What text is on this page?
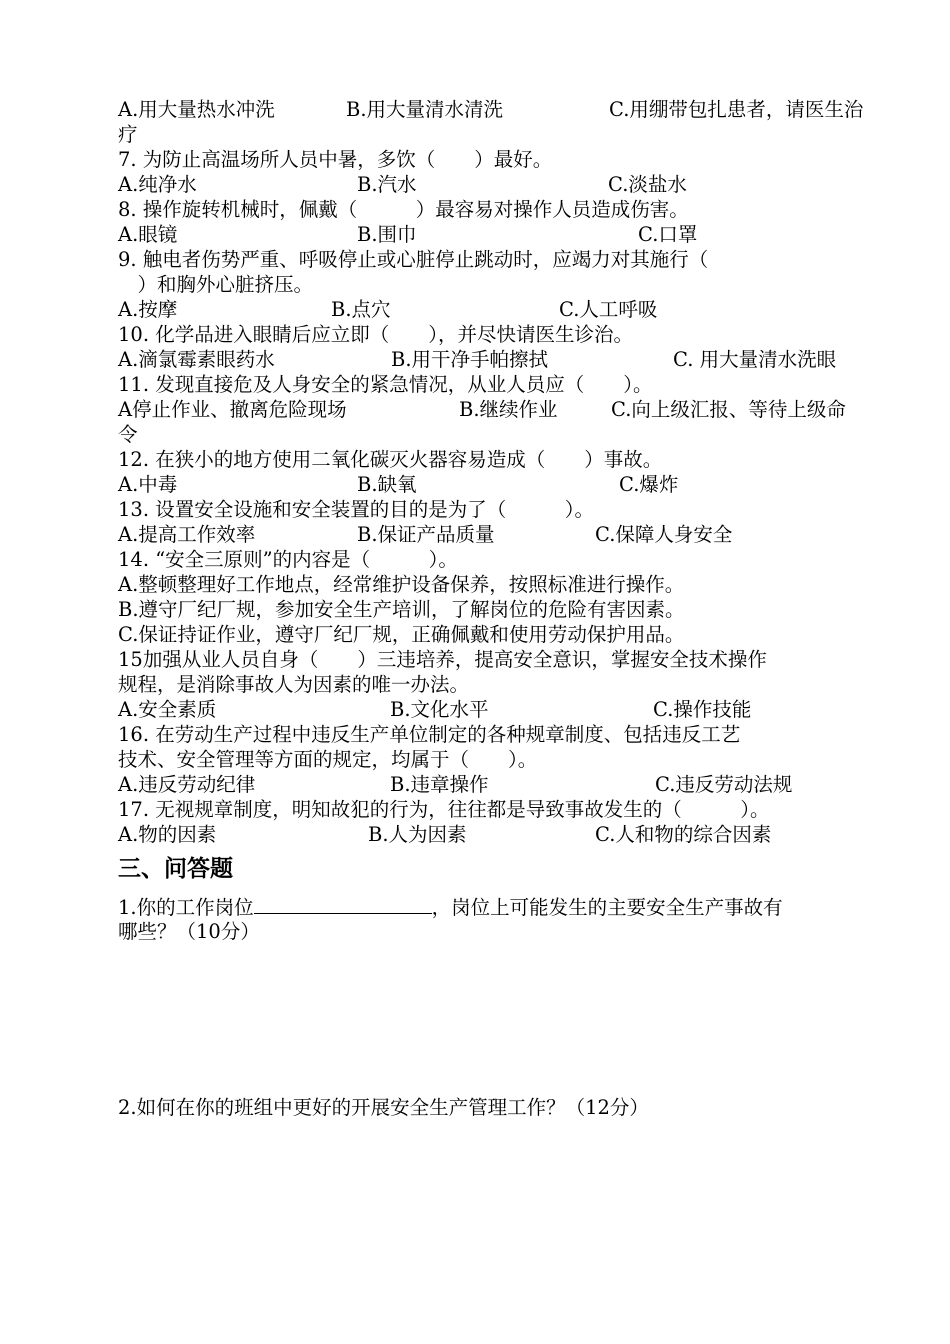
A.用大量热水冲洗	B.用大量清水清洗	C.用绷带包扎患者，请医生治
疗
7. 为防止高温场所人员中暑，多饮（　　）最好。
A.纯净水	B.汽水	C.淡盐水
8. 操作旋转机械时，佩戴（　　　）最容易对操作人员造成伤害。
A.眼镜	B.围巾	C.口罩
9. 触电者伤势严重、呼吸停止或心脏停止跳动时，应竭力对其施行（
　）和胸外心脏挤压。
A.按摩	B.点穴	C.人工呼吸
10. 化学品进入眼睛后应立即（　　），并尽快请医生诊治。
A.滴氯霉素眼药水	B.用干净手帕擦拭	C. 用大量清水洗眼
11. 发现直接危及人身安全的紧急情况，从业人员应（　　）。
A停止作业、撤离危险现场	B.继续作业	C.向上级汇报、等待上级命
令
12. 在狭小的地方使用二氧化碳灭火器容易造成（　　）事故。
A.中毒	B.缺氧	C.爆炸
13. 设置安全设施和安全装置的目的是为了（　　　）。
A.提高工作效率	B.保证产品质量	C.保障人身安全
14. “安全三原则”的内容是（　　　）。
A.整顿整理好工作地点，经常维护设备保养，按照标准进行操作。
B.遵守厂纪厂规，参加安全生产培训，了解岗位的危险有害因素。
C.保证持证作业，遵守厂纪厂规，正确佩戴和使用劳动保护用品。
15加强从业人员自身（　　）三违培养，提高安全意识，掌握安全技术操作
规程，是消除事故人为因素的唯一办法。
A.安全素质	B.文化水平	C.操作技能
16. 在劳动生产过程中违反生产单位制定的各种规章制度、包括违反工艺
技术、安全管理等方面的规定，均属于（　　）。
A.违反劳动纪律	B.违章操作	C.违反劳动法规
17. 无视规章制度，明知故犯的行为，往往都是导致事故发生的（　　　）。
A.物的因素	B.人为因素	C.人和物的综合因素
三、问答题
1.你的工作岗位	，岗位上可能发生的主要安全生产事故有
哪些？（10分）
2.如何在你的班组中更好的开展安全生产管理工作？（12分）
